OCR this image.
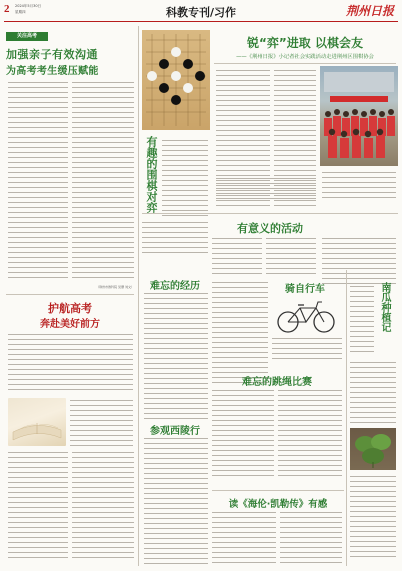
2 2024年5月30日
星期四	科教专刊/习作	荆州日报
关注高考
加强亲子有效沟通
为高考考生缓压赋能
（荆州市教科院 吴珊 刘文）
护航高考
奔赴美好前方
有趣的围棋对弈
锐“弈”进取 以棋会友
——《荆州日报》小记者社会实践活动走进荆州区围棋协会
有意义的活动
难忘的经历	骑自行车
难忘的跳绳比赛
参观西陵行
南瓜种植记
读《海伦·凯勒传》有感
